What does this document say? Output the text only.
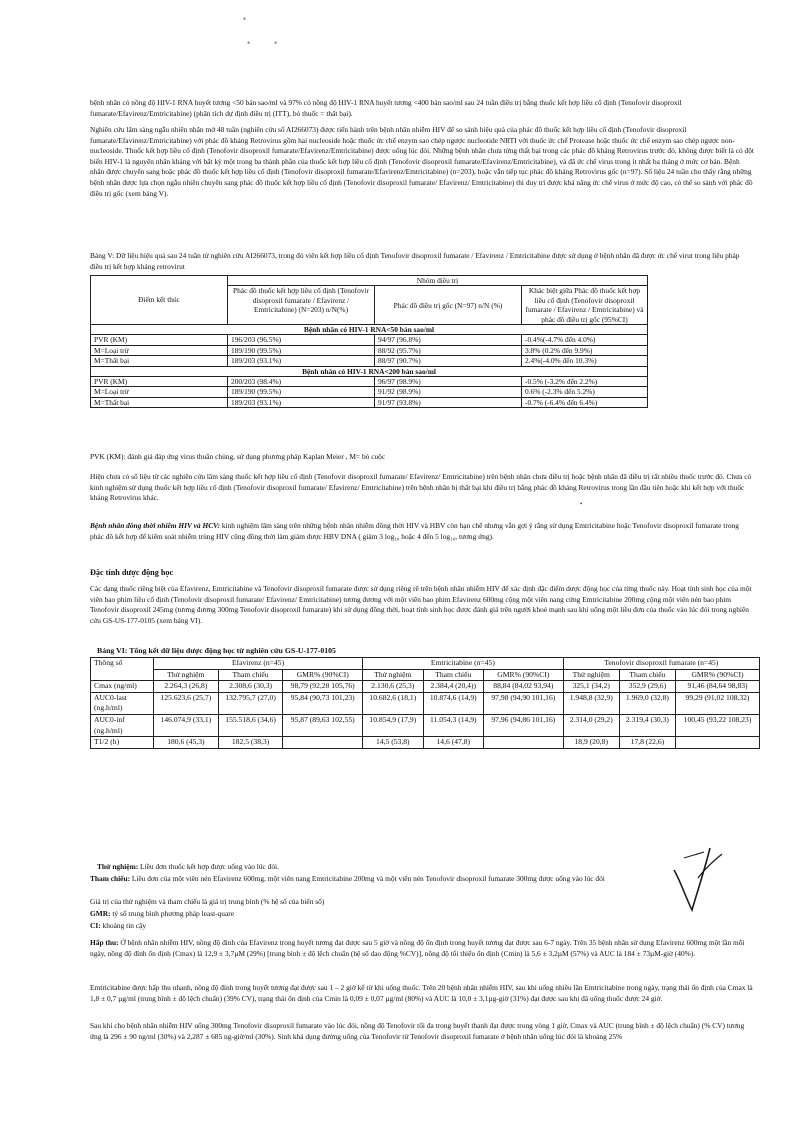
•
•	•
bệnh nhân có nồng độ HIV-1 RNA huyết tương <50 bản sao/ml và 97% có nồng độ HIV-1 RNA huyết tương <400 bản sao/ml sau 24 tuần điều trị bằng thuốc kết hợp liều cố định (Tenofovir disoproxil fumarate/Efavirenz/Emtricitabine) (phân tích dự định điều trị (ITT), bỏ thuốc = thất bại).
Nghiên cứu lâm sàng ngẫu nhiên nhãn mở 48 tuần (nghiên cứu số AI266073) được tiến hành trên bệnh nhân nhiễm HIV để so sánh hiệu quả của phác đồ thuốc kết hợp liều cố định (Tenofovir disoproxil fumarate/Efavirenz/Emtricitabine) với phác đồ kháng Retrovirus gồm hai nucleoside hoặc thuốc ức chế enzym sao chép ngược nucleotide NRTI với thuốc ức chế Protease hoặc thuốc ức chế enzym sao chép ngược non-nucleoside. Thuốc kết hợp liều cố định (Tenofovir disoproxil fumarate/Efavirenz/Emtricitabine) được uống lúc đói. Những bệnh nhân chưa từng thất bại trong các phác đồ kháng Retrovirus trước đó, không được biết là có đột biến HIV-1 là nguyên nhân kháng với bất kỳ một trong ba thành phần của thuốc kết hợp liều cố định (Tenofovir disoproxil fumarate/Efavirenz/Emtricitabine), và đã ức chế virus trong ít nhất ba tháng ở mức cơ bản. Bệnh nhân được chuyển sang hoặc phác đồ thuốc kết hợp liều cố định (Tenofovir disoproxil fumarate/Efavirenz/Emtricitabine) (n=203), hoặc vẫn tiếp tục phác đồ kháng Retrovirus gốc (n=97). Số liệu 24 tuần cho thấy rằng những bệnh nhân được lựa chọn ngẫu nhiên chuyển sang phác đồ thuốc kết hợp liều cố định (Tenofovir disoproxil fumarate/ Efavirenz/ Emtricitabine) thì duy trì được khả năng ức chế virus ở mức độ cao, có thể so sánh với phác đồ điều trị gốc (xem bảng V).
Bảng V: Dữ liệu hiệu quả sau 24 tuần từ nghiên cứu AI266073, trong đó viên kết hợp liều cố định Tenofovir disoproxil fumarate / Efavirenz / Emtricitabine được sử dụng ở bệnh nhân đã được ức chế virut trong liệu pháp điều trị kết hợp kháng retrovirut
Điểm kết thúc	Nhóm điều trị		
	Phác đồ thuốc kết hợp liều cố định (Tenofovir disoproxil fumarate / Efavirenz / Emtricitabine) (N=203) n/N(%)	Phác đồ điều trị gốc (N=97) n/N (%)	Khác biệt giữa Phác đồ thuốc kết hợp liều cố định (Tenofovir disoproxil fumarate / Efavirenz / Emtricitabine) và phác đồ điều trị gốc (95%CI)
Bệnh nhân có HIV-1 RNA<50 bản sao/ml			
PVR (KM)	196/203 (96.5%)	94/97 (96.8%)	-0.4%(-4.7% đến 4.0%)
M=Loại trừ	189/190 (99.5%)	88/92 (95.7%)	3.8% (0.2% đến 9.9%)
M=Thất bại	189/203 (93.1%)	88/97 (90.7%)	2.4%(-4.0% đến 10.3%)
Bệnh nhân có HIV-1 RNA<200 bản sao/ml			
PVR (KM)	200/203 (98.4%)	96/97 (98.9%)	-0.5% (-3.2% đến 2.2%)
M=Loại trừ	189/190 (99.5%)	91/92 (98.9%)	0.6% (-2.3% đến 5.2%)
M=Thất bại	189/203 (93.1%)	91/97 (93.8%)	-0.7% (-6.4% đến 6.4%)
PVK (KM): đánh giá đáp ứng virus thuần chủng, sử dụng phương pháp Kaplan Meier , M= bỏ cuộc
Hiện chưa có số liệu từ các nghiên cứu lâm sàng thuốc kết hợp liều cố định (Tenofovir disoproxil fumarate/ Efavirenz/ Emtricitabine) trên bệnh nhân chưa điều trị hoặc bệnh nhân đã điều trị rất nhiều thuốc trước đó. Chưa có kinh nghiệm sử dụng thuốc kết hợp liều cố định (Tenofovir disoproxil fumarate/ Efavirenz/ Emtricitabine) trên bệnh nhân bị thất bại khi điều trị bằng phác đồ kháng Retrovirus trong lần đầu tiên hoặc khi kết hợp với thuốc kháng Retrovirus khác.
•
Bệnh nhân đồng thời nhiễm HIV và HCV: kinh nghiệm lâm sàng trên những bệnh nhân nhiễm đồng thời HIV và HBV còn hạn chế nhưng vẫn gợi ý rằng sử dụng Emtricitabine hoặc Tenofovir disoproxil fumarate trong phác đồ kết hợp để kiểm soát nhiễm trùng HIV cũng đồng thời làm giảm được HBV DNA ( giảm 3 log₁₀ hoặc 4 đến 5 log₁₀, tương ứng).
Đặc tính dược động học
Các dạng thuốc riêng biệt của Efavirenz, Emtricitabine và Tenofovir disoproxil fumarate được sử dụng riêng rẽ trên bệnh nhân nhiễm HIV để xác định đặc điểm dược động học của từng thuốc này. Hoạt tính sinh học của một viên bao phim liều cố định (Tenofovir disoproxil fumarate/ Efavirenz/ Emtricitabine) tương đương với một viên bao phim Efavirenz 600mg cộng một viên nang cứng Emtricitabine 200mg cộng một viên nén bao phim Tenofovir disoproxil 245mg (tương đương 300mg Tenofovir disoproxil fumarate) khi sử dụng đồng thời, hoạt tính sinh học được đánh giá trên người khoẻ mạnh sau khi uống một liều đơn của thuốc vào lúc đói trong nghiên cứu GS-US-177-0105 (xem bảng VI).
Bảng VI: Tổng kết dữ liệu dược động học từ nghiên cứu GS-U-177-0105
Thông số	Efavirenz (n=45)			Emtricitabine (n=45)			Tenofovir disoproxil fumarate (n=45)		
	Thử nghiệm	Tham chiếu	GMR% (90%CI)	Thử nghiệm	Tham chiếu	GMR% (90%CI)	Thử nghiệm	Tham chiếu	GMR% (90%CI)
Cmax (ng/ml)	2.264,3 (26,8)	2.308,6 (30,3)	98,79 (92,28 105,76)	2.130,6 (25,3)	2.384,4 (20,4))	88,84 (84,02 93,94)	325,1 (34,2)	352,9 (29,6)	91,46 (84,64 98,83)
AUC0-last (ng.h/ml)	125.623,6 (25,7)	132.795,7 (27,0)	95,84 (90,73 101,23)	10.682,6 (18,1)	10.874,6 (14,9)	97,98 (94,90 101,16)	1.948,8 (32,9)	1.969,0 (32,8)	99,29 (91,02 108,32)
AUC0-inf (ng.h/ml)	146.074,9 (33,1)	155.518,6 (34,6)	95,87 (89,63 102,55)	10.854,9 (17,9)	11.054,3 (14,9)	97,96 (94,86 101,16)	2.314,0 (29,2)	2.319,4 (30,3)	100,45 (93,22 108,23)
T1/2 (h)	180,6 (45,3)	182,5 (38,3)		14,5 (53,8)	14,6 (47,8)		18,9 (20,8)	17,8 (22,6)	
Thử nghiệm: Liều đơn thuốc kết hợp được uống vào lúc đói.
Tham chiếu: Liều đơn của một viên nén Efavirenz 600mg, một viên nang Emtricitabine 200mg và một viên nén Tenofovir disoproxil fumarate 300mg được uống vào lúc đói
Giá trị của thử nghiệm và tham chiếu là giá trị trung bình (% hệ số của biến số)
GMR: tỷ số trung bình phương pháp least-quare
CI: khoảng tin cậy
Hấp thu: Ở bệnh nhân nhiễm HIV, nồng độ đỉnh của Efavirenz trong huyết tương đạt được sau 5 giờ và nồng độ ổn định trong huyết tương đạt được sau 6-7 ngày. Trên 35 bệnh nhân sử dụng Efavirenz 600mg một lần mỗi ngày, nồng độ đỉnh ổn định (Cmax) là 12,9 ± 3,7µM (29%) [trung bình ± độ lệch chuẩn (hệ số dao động %CV)], nồng độ tối thiểu ổn định (Cmin) là 5,6 ± 3,2µM (57%) và AUC là 184 ± 73µM-giờ (40%).
Emtricitabine được hấp thu nhanh, nồng độ đỉnh trong huyết tương đạt được sau 1 – 2 giờ kể từ khi uống thuốc. Trên 20 bệnh nhân nhiễm HIV, sau khi uống nhiều lần Emtricitabine trong ngày, trạng thái ổn định của Cmax là 1,8 ± 0,7 µg/ml (trung bình ± độ lệch chuẩn) (39% CV), trạng thái ổn định của Cmin là 0,09 ± 0,07 µg/ml (80%) và AUC là 10,0 ± 3,1µg-giờ (31%) đạt được sau khi đã uống thuốc được 24 giờ.
Sau khi cho bệnh nhân nhiễm HIV uống 300mg Tenofovir disoproxil fumarate vào lúc đói, nồng độ Tenofovir tối đa trong huyết thanh đạt được trong vòng 1 giờ, Cmax và AUC (trung bình ± độ lệch chuẩn) (% CV) tương ứng là 296 ± 90 ng/ml (30%) và 2,287 ± 685 ng-giờ/ml (30%). Sinh khả dụng đường uống của Tenofovir từ Tenofovir disoproxil fumarate ở bệnh nhân uống lúc đói là khoảng 25%
